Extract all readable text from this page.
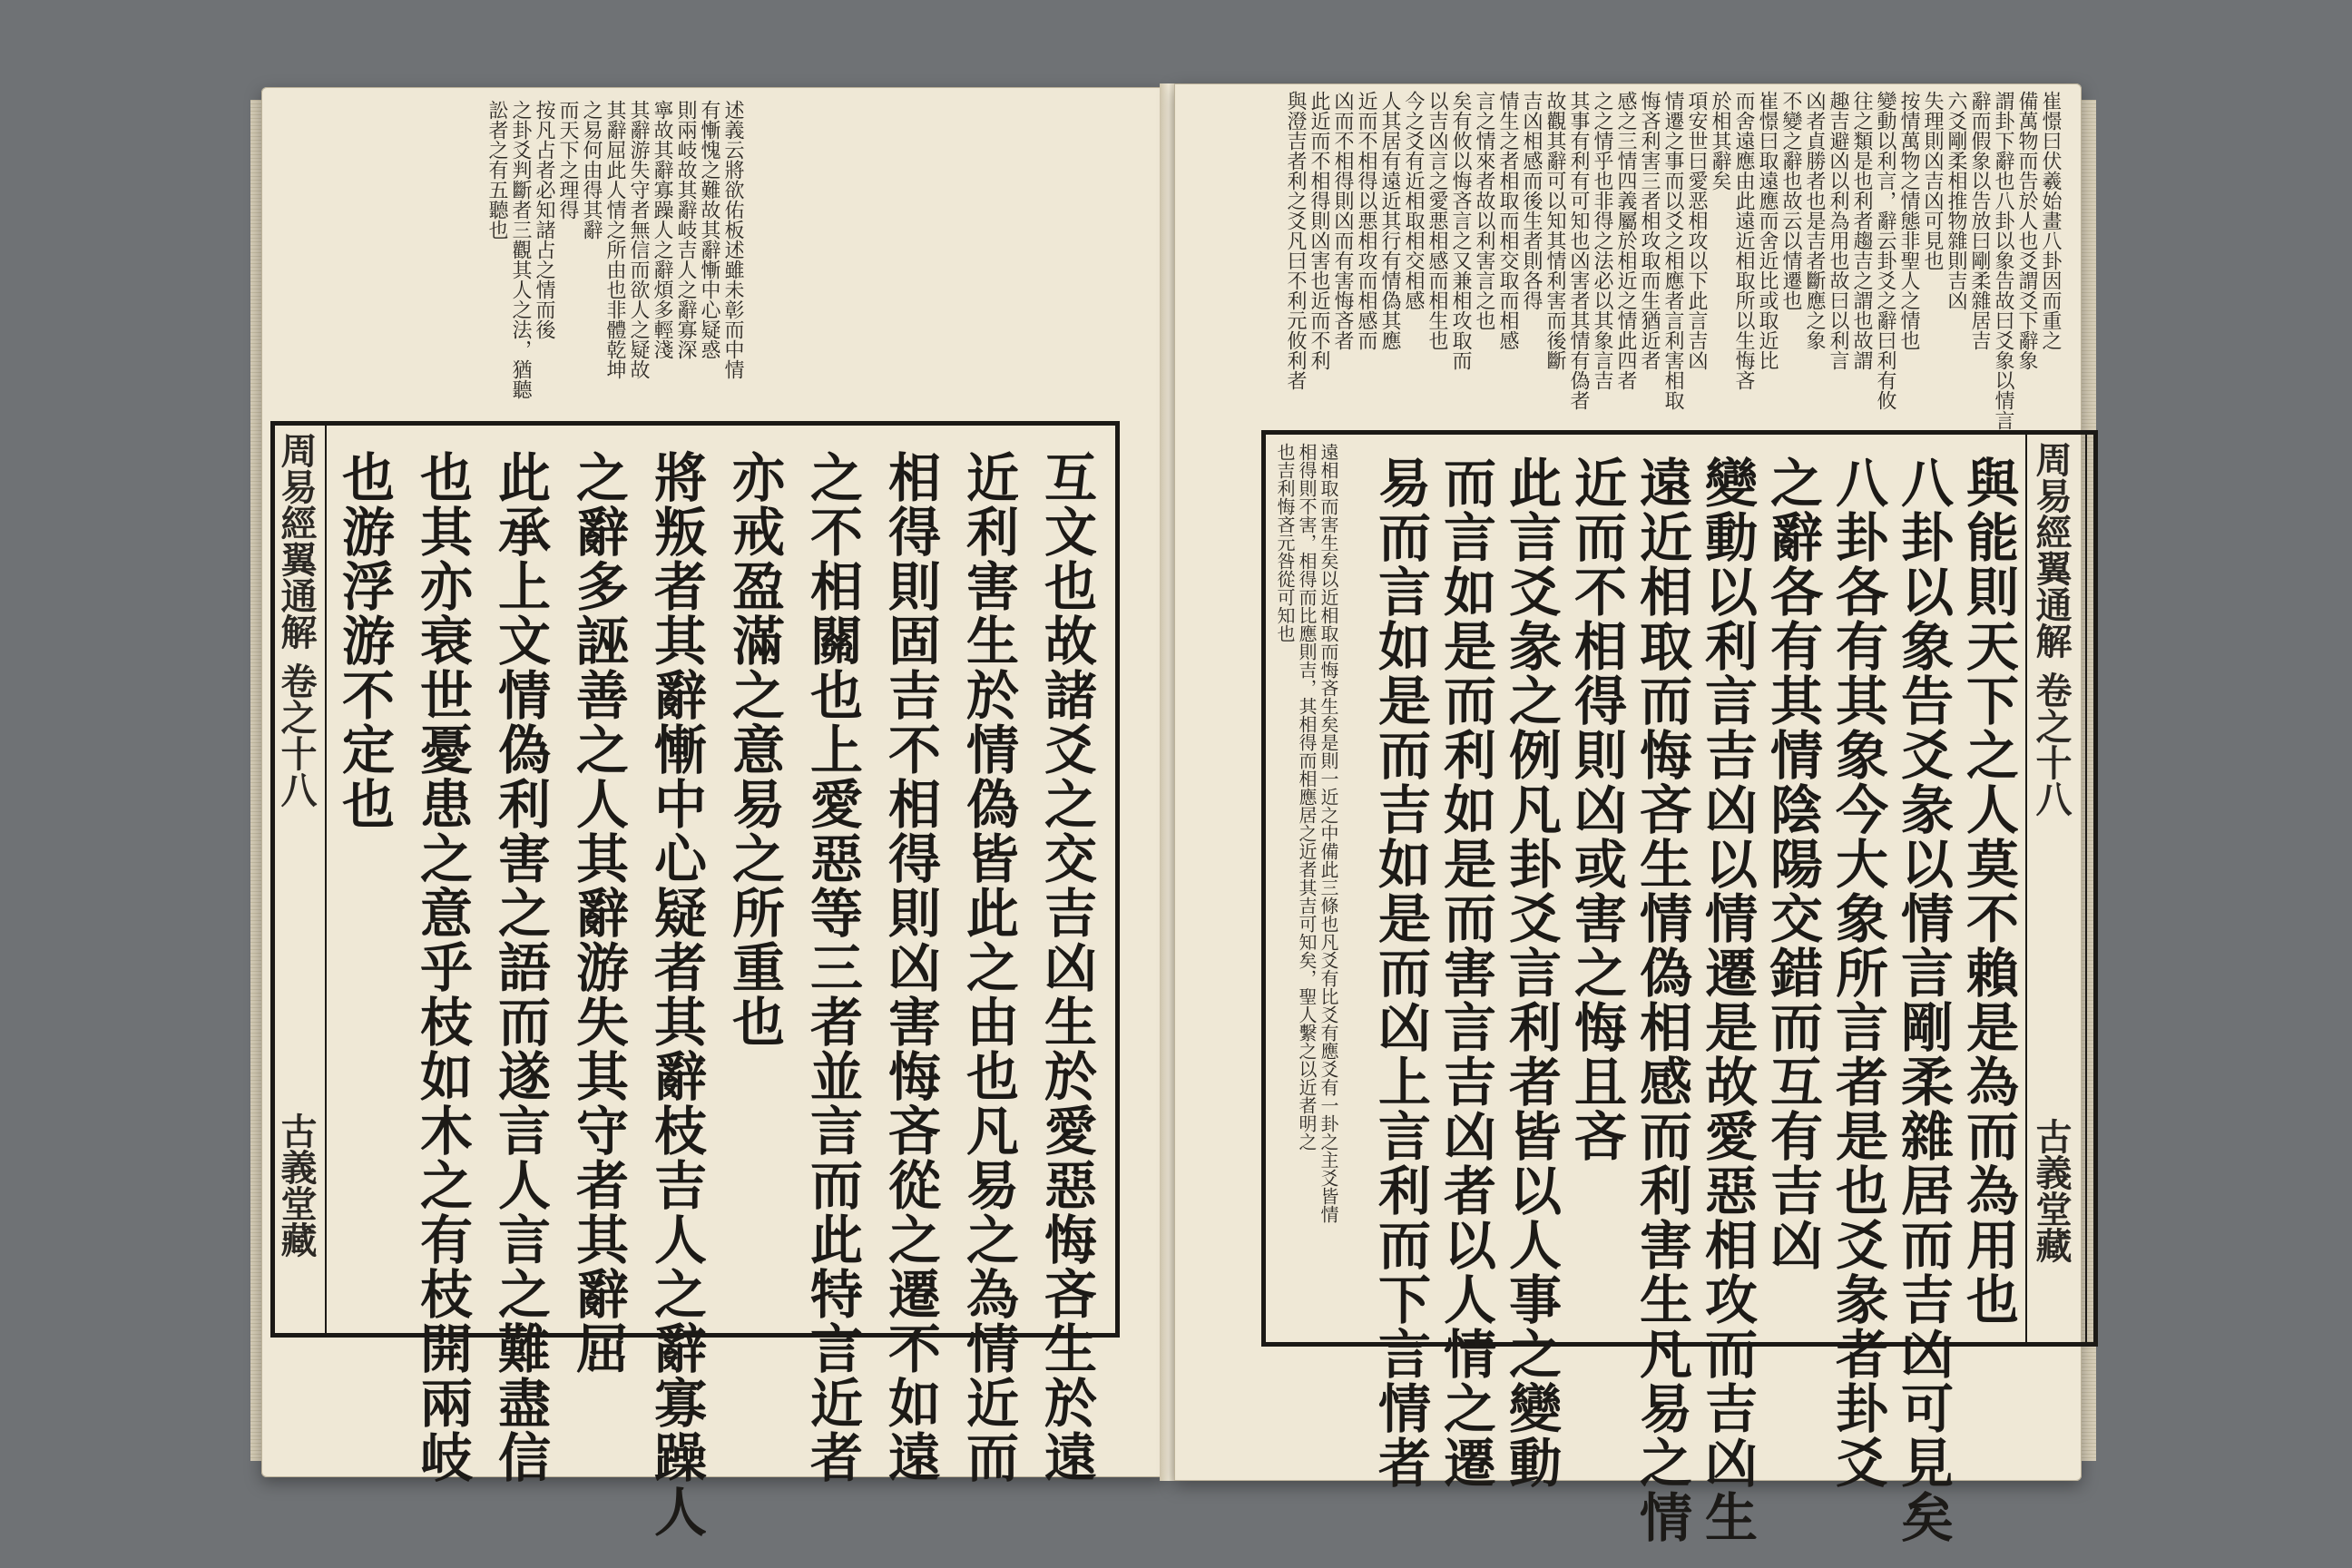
述義云將欲佑板述雖未彰而中情
有慚愧之難故其辭慚中心疑惑
則兩岐故其辭岐吉人之辭寡深
寧故其辭寡躁人之辭煩多輕淺
其辭游失守者無信而欲人之疑故
其辭屈此人情之所由也非體乾坤
之易何由得其辭
而天下之理得
按凡占者必知諸占之情而後
之卦爻判斷者三觀其人之法，猶聽
訟者之有五聽也
周易經翼通解 卷之十八
古義堂藏	互文也故諸爻之交吉凶生於愛惡悔吝生於遠
近利害生於情偽皆此之由也凡易之為情近而
相得則固吉不相得則凶害悔吝從之遷不如遠
之不相關也上愛惡等三者並言而此特言近者
亦戒盈滿之意易之所重也
將叛者其辭慚中心疑者其辭枝吉人之辭寡躁人
之辭多誣善之人其辭游失其守者其辭屈
此承上文情偽利害之語而遂言人言之難盡信
也其亦衰世憂患之意乎枝如木之有枝開兩岐
也游浮游不定也
崔憬曰伏羲始畫八卦因而重之
備萬物而告於人也爻謂爻下辭象
謂卦下辭也八卦以象告故曰爻象以情言
辭而假象以告放曰剛柔雜居吉
六爻剛柔相推物雜則吉凶
失理則凶吉凶可見也
按情萬物之情態非聖人之情也
變動以利言，辭云卦爻之辭曰利有攸
往之類是也利者趨吉之謂也故謂
趣吉避凶以利為用也故曰以利言
凶者貞勝者也是吉者斷應之象
不變之辭也故云以情遷也
崔憬曰取遠應而舍近比或取近比
而舍遠應由此遠近相取所以生悔吝
於相其辭矣
項安世曰愛恶相攻以下此言吉凶
情遷之事而以爻之相應者言利害相取
悔吝利害三者相攻取而生猶近者
感之三情四義屬於相近之情此四者
之之情乎也非得之法必以其象言吉
其事有利有可知也凶害者其情有偽者
故觀其辭可以知其情利害而後斷
吉凶相感而後生者則各得
情生之者相取而相交取而相感
言之情來者故以利害言之也
矣有攸以悔吝言之又兼相攻取而
以吉凶言之愛悪相感而相生也
今之爻有近相取相交相感
人其居有遠近其行有情偽其應
近而不相得以悪相攻而相感而
凶而不相得則凶而有害悔吝者
此近而不相得則凶害也近而不利
與澄吉者利之爻凡曰不利元攸利者
周易經翼通解 卷之十八
古義堂藏
遠相取而害生矣以近相取而悔吝生矣是則一近之中備此三條也凡爻有比爻有應爻有一卦之主爻皆情
相得則不害，相得而比應則吉，其相得而相應居之近者其吉可知矣，聖人繫之以近者明之
也吉利悔吝元咎從可知也	與能則天下之人莫不賴是為而為用也
八卦以象告爻彖以情言剛柔雜居而吉凶可見矣
八卦各有其象今大象所言者是也爻彖者卦爻
之辭各有其情陰陽交錯而互有吉凶
變動以利言吉凶以情遷是故愛惡相攻而吉凶生
遠近相取而悔吝生情偽相感而利害生凡易之情
近而不相得則凶或害之悔且吝
此言爻彖之例凡卦爻言利者皆以人事之變動
而言如是而利如是而害言吉凶者以人情之遷
易而言如是而吉如是而凶上言利而下言情者
